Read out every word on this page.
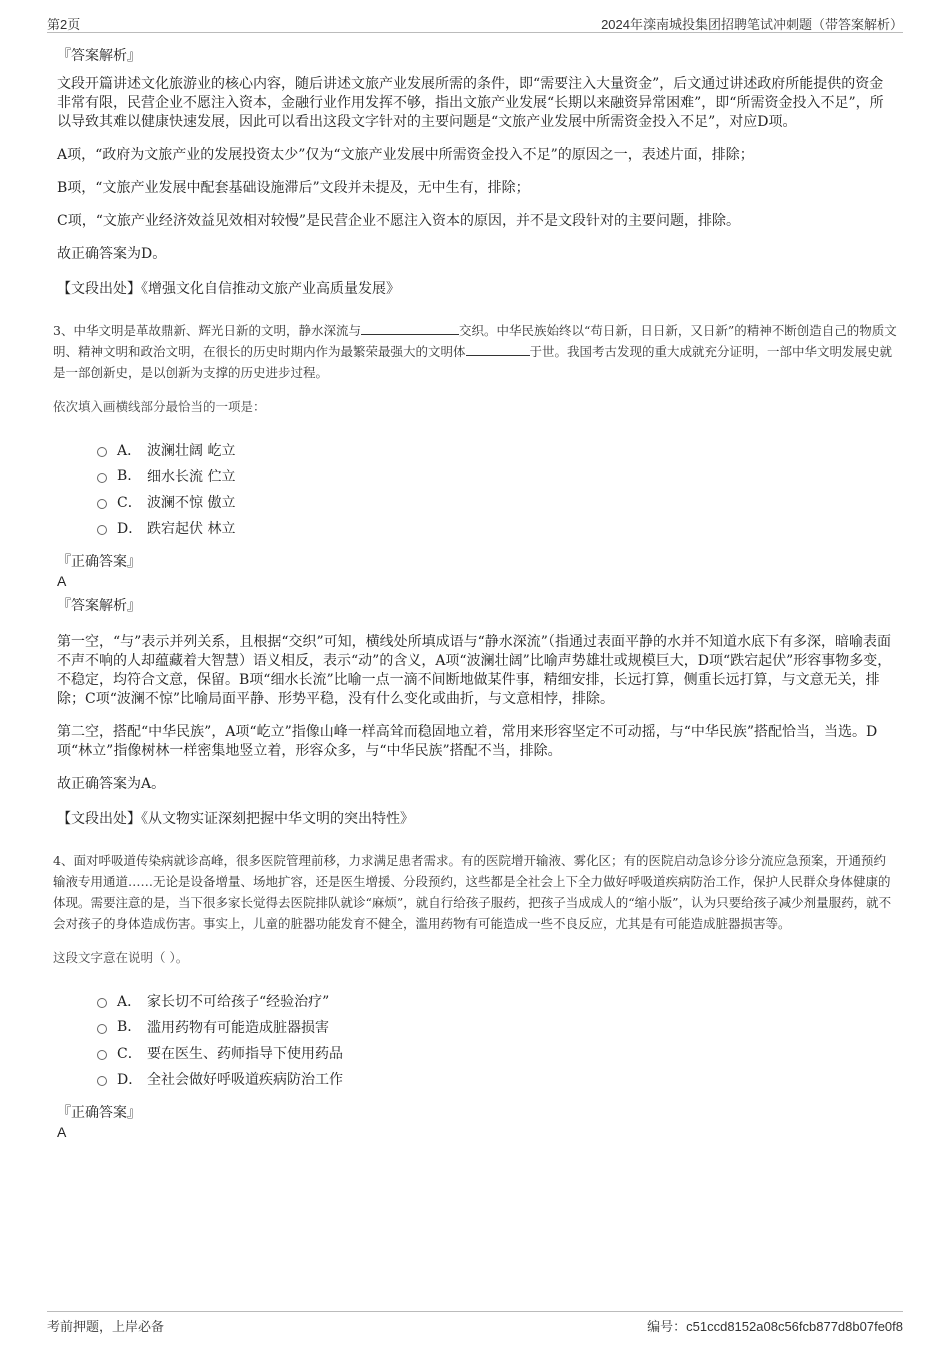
第2页	2024年滦南城投集团招聘笔试冲刺题（带答案解析）
『答案解析』

文段开篇讲述文化旅游业的核心内容，随后讲述文旅产业发展所需的条件，即“需要注入大量资金”，后文通过讲述政府所能提供的资金非常有限，民营企业不愿注入资本，金融行业作用发挥不够，指出文旅产业发展“长期以来融资异常困难”，即“所需资金投入不足”，所以导致其难以健康快速发展，因此可以看出这段文字针对的主要问题是“文旅产业发展中所需资金投入不足”，对应D项。

A项，“政府为文旅产业的发展投资太少”仅为“文旅产业发展中所需资金投入不足”的原因之一，表述片面，排除；

B项，“文旅产业发展中配套基础设施滞后”文段并未提及，无中生有，排除；

C项，“文旅产业经济效益见效相对较慢”是民营企业不愿注入资本的原因，并不是文段针对的主要问题，排除。

故正确答案为D。

【文段出处】《增强文化自信推动文旅产业高质量发展》

3、中华文明是革故鼎新、辉光日新的文明，静水深流与	交织。中华民族始终以“苟日新，日日新，又日新”的精神不断创造自己的物质文明、精神文明和政治文明，在很长的历史时期内作为最繁荣最强大的文明体	于世。我国考古发现的重大成就充分证明，一部中华文明发展史就是一部创新史，是以创新为支撑的历史进步过程。

依次填入画横线部分最恰当的一项是：
A． 波澜壮阔 屹立
B.	细水长流 伫立
C． 波澜不惊 傲立
D． 跌宕起伏 林立
『正确答案』
A
『答案解析』

第一空，“与”表示并列关系，且根据“交织”可知，横线处所填成语与“静水深流”（指通过表面平静的水并不知道水底下有多深，暗喻表面不声不响的人却蕴藏着大智慧）语义相反，表示“动”的含义，A项“波澜壮阔”比喻声势雄壮或规模巨大，D项“跌宕起伏”形容事物多变，不稳定，均符合文意，保留。B项“细水长流”比喻一点一滴不间断地做某件事，精细安排，长远打算，侧重长远打算，与文意无关，排除；C项“波澜不惊”比喻局面平静、形势平稳，没有什么变化或曲折，与文意相悖，排除。

第二空，搭配“中华民族”，A项“屹立”指像山峰一样高耸而稳固地立着，常用来形容坚定不可动摇，与“中华民族”搭配恰当，当选。D项“林立”指像树林一样密集地竖立着，形容众多，与“中华民族”搭配不当，排除。

故正确答案为A。

【文段出处】《从文物实证深刻把握中华文明的突出特性》

4、面对呼吸道传染病就诊高峰，很多医院管理前移，力求满足患者需求。有的医院增开输液、雾化区；有的医院启动急诊分诊分流应急预案，开通预约输液专用通道……无论是设备增量、场地扩容，还是医生增援、分段预约，这些都是全社会上下全力做好呼吸道疾病防治工作，保护人民群众身体健康的体现。需要注意的是，当下很多家长觉得去医院排队就诊“麻烦”，就自行给孩子服药，把孩子当成成人的“缩小版”，认为只要给孩子减少剂量服药，就不会对孩子的身体造成伤害。事实上，儿童的脏器功能发育不健全，滥用药物有可能造成一些不良反应，尤其是有可能造成脏器损害等。

这段文字意在说明（ ）。
A． 家长切不可给孩子“经验治疗”
B.	滥用药物有可能造成脏器损害
C． 要在医生、药师指导下使用药品
D． 全社会做好呼吸道疾病防治工作
『正确答案』
A
考前押题，上岸必备	编号：c51ccd8152a08c56fcb877d8b07fe0f8
